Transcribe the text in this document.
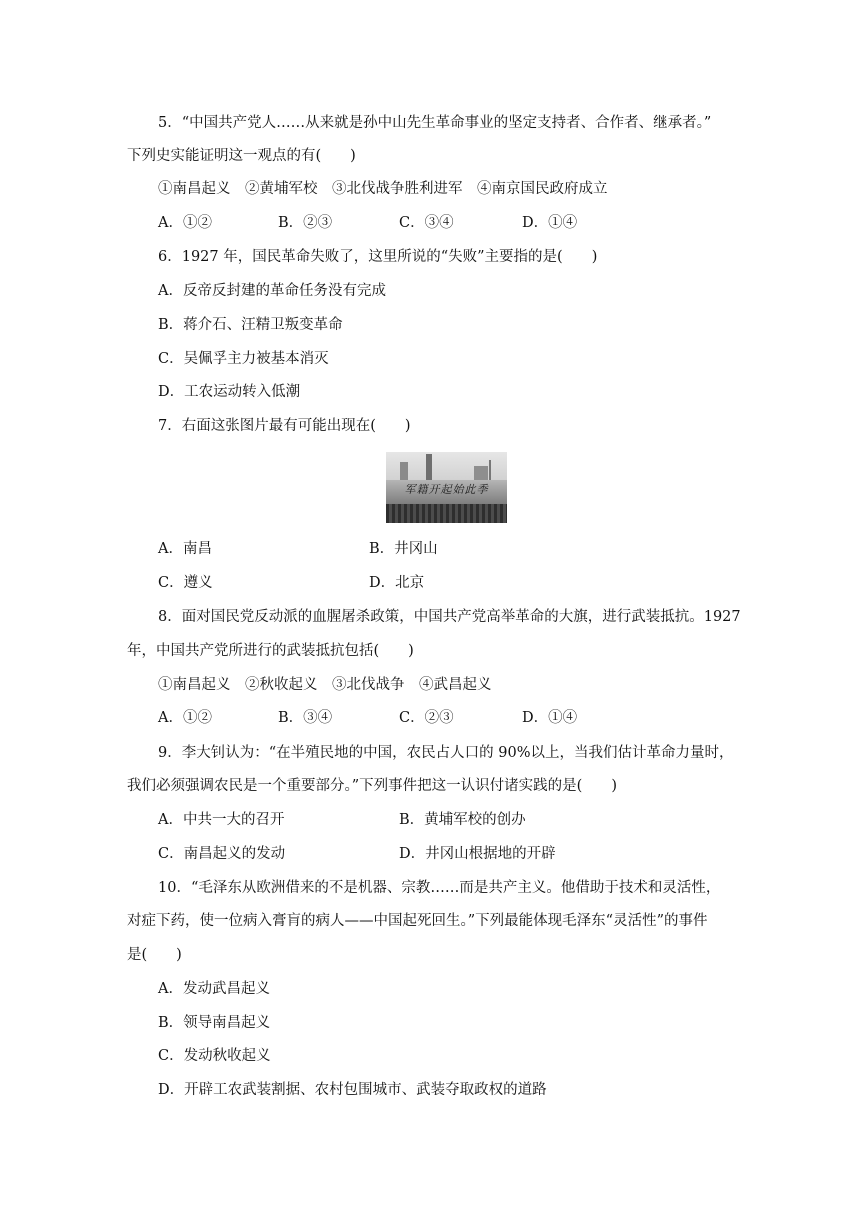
5．“中国共产党人……从来就是孙中山先生革命事业的坚定支持者、合作者、继承者。”
下列史实能证明这一观点的有(　　)
①南昌起义　②黄埔军校　③北伐战争胜利进军　④南京国民政府成立
A．①②	B．②③	C．③④	D．①④
6．1927 年，国民革命失败了，这里所说的“失败”主要指的是(　　)
A．反帝反封建的革命任务没有完成
B．蒋介石、汪精卫叛变革命
C．吴佩孚主力被基本消灭
D．工农运动转入低潮
7．右面这张图片最有可能出现在(　　)
军籍开起始此季
A．南昌	B．井冈山
C．遵义	D．北京
8．面对国民党反动派的血腥屠杀政策，中国共产党高举革命的大旗，进行武装抵抗。1927
年，中国共产党所进行的武装抵抗包括(　　)
①南昌起义　②秋收起义　③北伐战争　④武昌起义
A．①②	B．③④	C．②③	D．①④
9．李大钊认为：“在半殖民地的中国，农民占人口的 90%以上，当我们估计革命力量时，
我们必须强调农民是一个重要部分。”下列事件把这一认识付诸实践的是(　　)
A．中共一大的召开	B．黄埔军校的创办
C．南昌起义的发动	D．井冈山根据地的开辟
10．“毛泽东从欧洲借来的不是机器、宗教……而是共产主义。他借助于技术和灵活性，
对症下药，使一位病入膏肓的病人——中国起死回生。”下列最能体现毛泽东“灵活性”的事件
是(　　)
A．发动武昌起义
B．领导南昌起义
C．发动秋收起义
D．开辟工农武装割据、农村包围城市、武装夺取政权的道路
